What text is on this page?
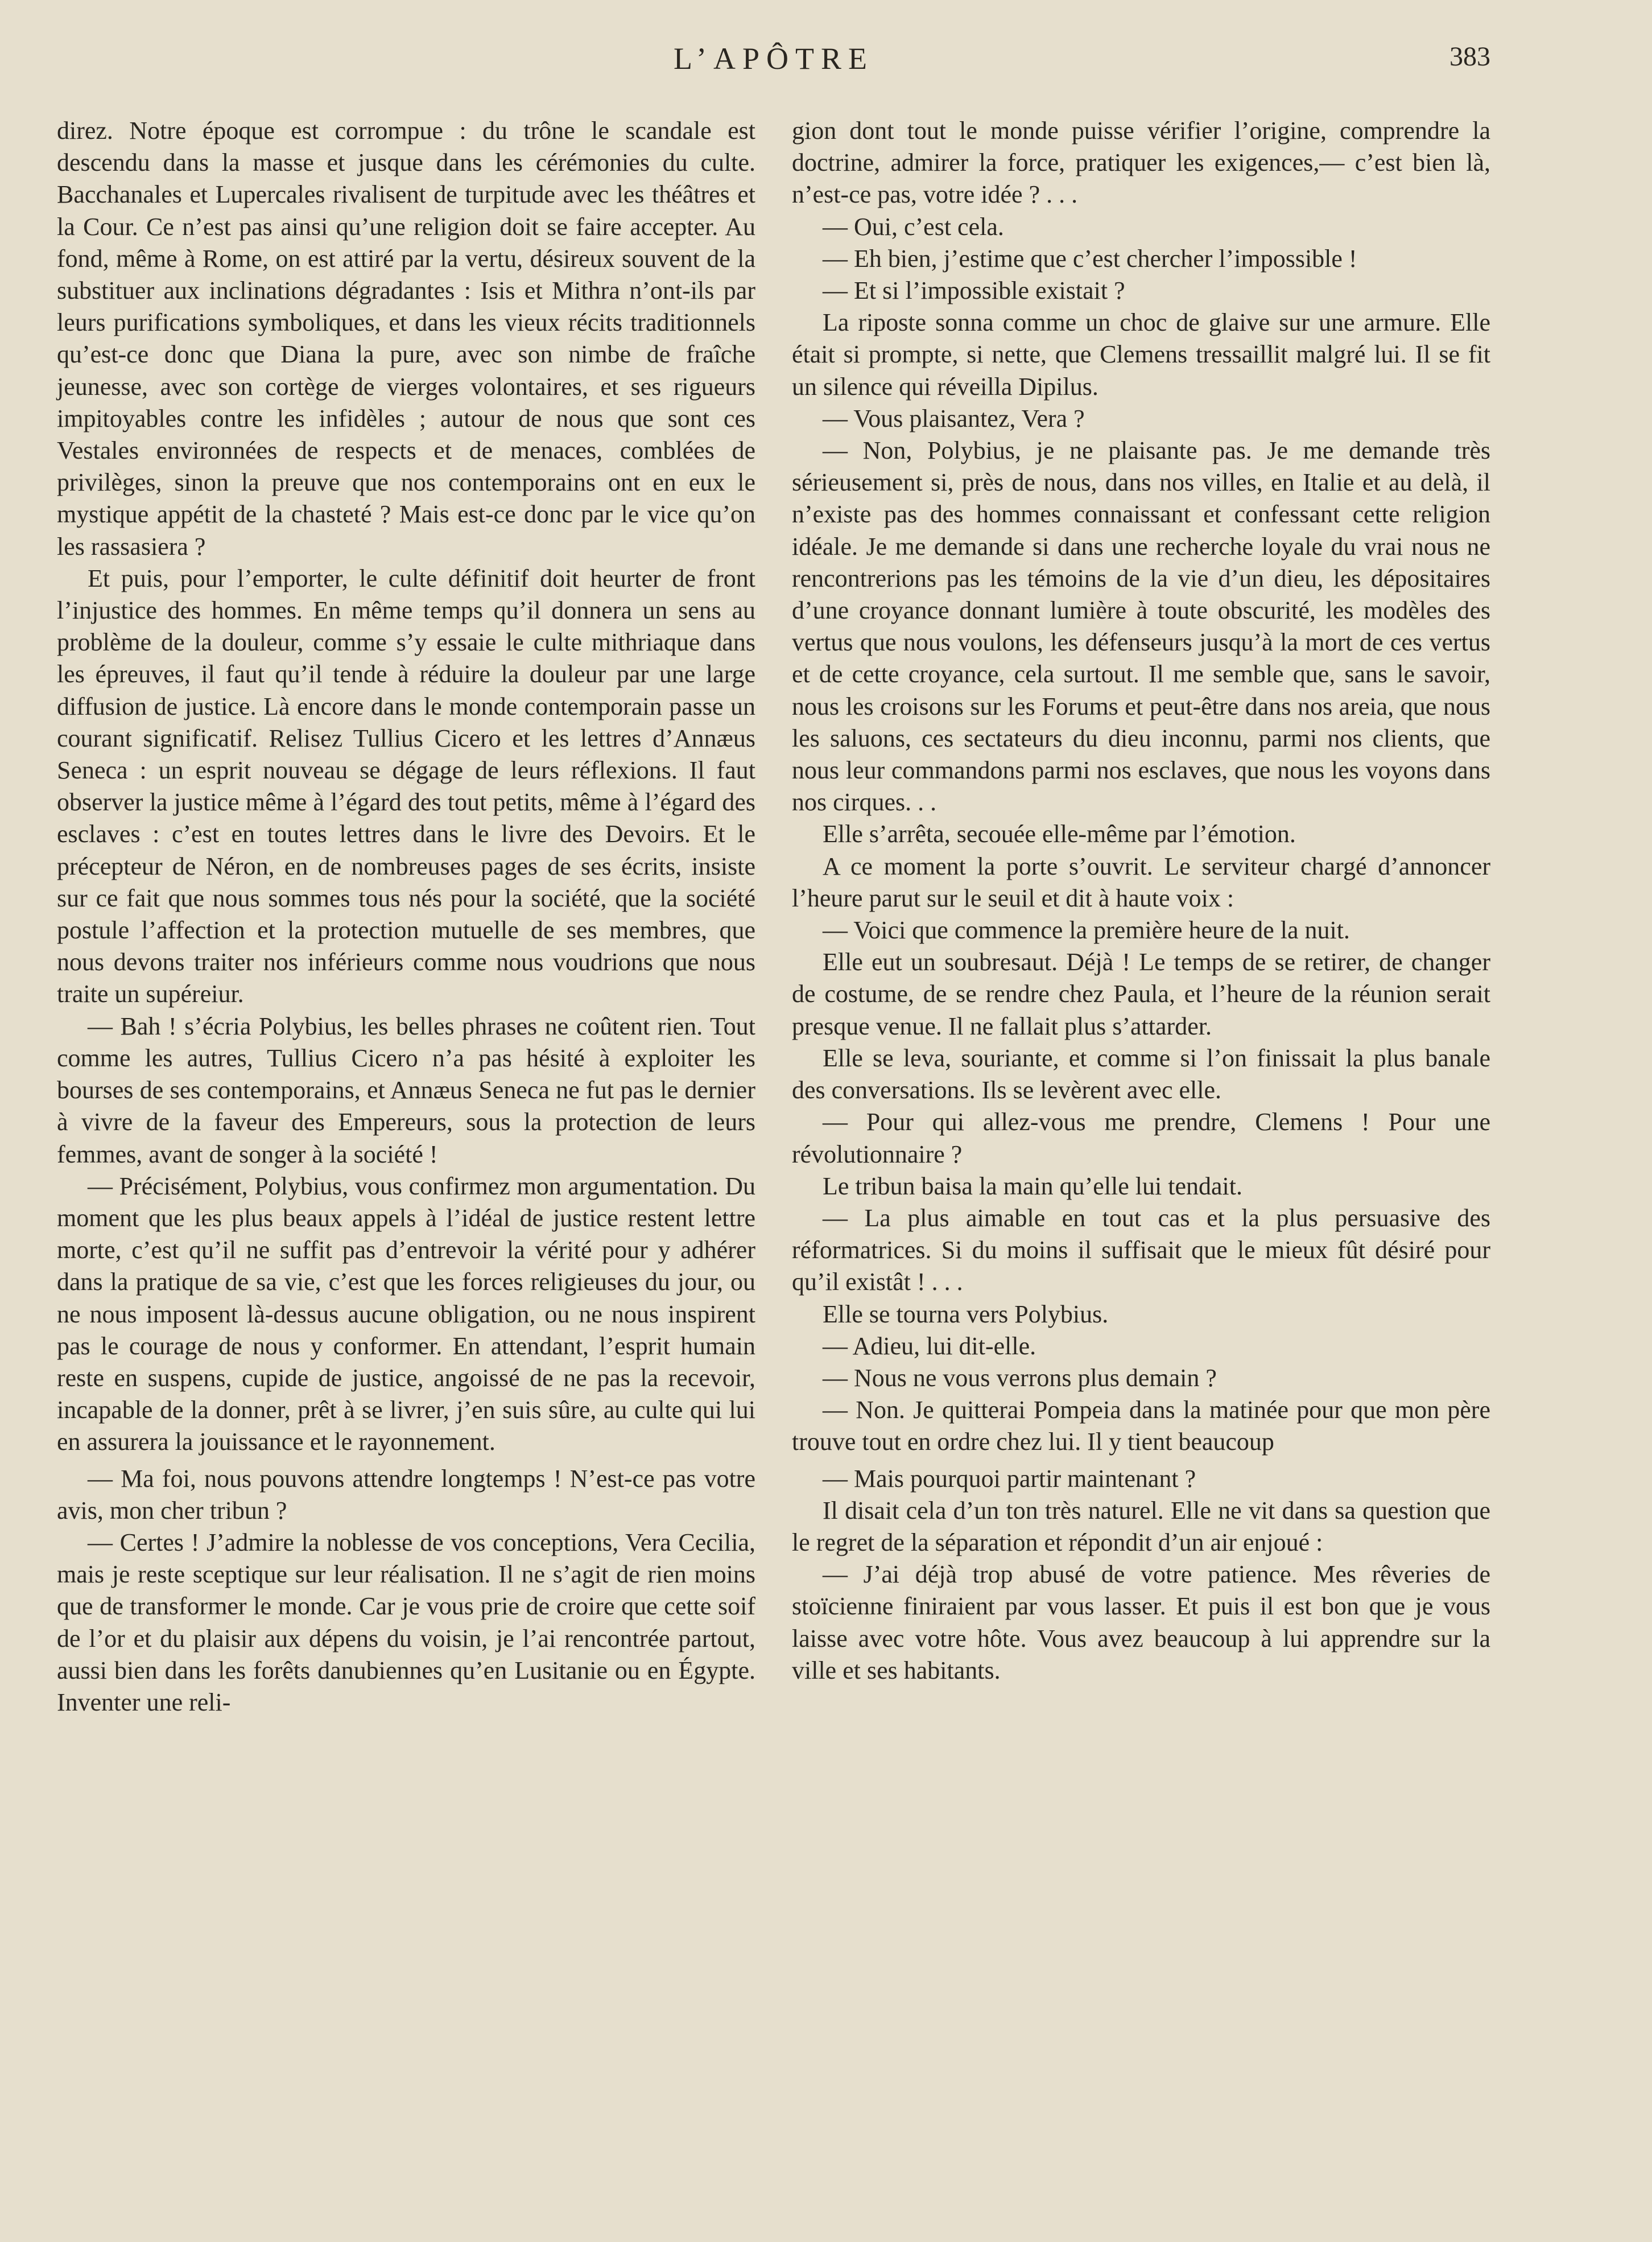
L’APÔTRE	383

direz. Notre époque est corrompue : du trône le scandale est descendu dans la masse et jusque dans les cérémonies du culte. Bacchanales et Lupercales rivalisent de turpitude avec les théâtres et la Cour. Ce n’est pas ainsi qu’une religion doit se faire accepter. Au fond, même à Rome, on est attiré par la vertu, désireux souvent de la substituer aux inclinations dégradantes : Isis et Mithra n’ont-ils par leurs purifications symboliques, et dans les vieux récits traditionnels qu’est-ce donc que Diana la pure, avec son nimbe de fraîche jeunesse, avec son cortège de vierges volontaires, et ses rigueurs impitoyables contre les infidèles ; autour de nous que sont ces Vestales environnées de respects et de menaces, comblées de privilèges, sinon la preuve que nos contemporains ont en eux le mystique appétit de la chasteté ? Mais est-ce donc par le vice qu’on les rassasiera ?

Et puis, pour l’emporter, le culte définitif doit heurter de front l’injustice des hommes. En même temps qu’il donnera un sens au problème de la douleur, comme s’y essaie le culte mithriaque dans les épreuves, il faut qu’il tende à réduire la douleur par une large diffusion de justice. Là encore dans le monde contemporain passe un courant significatif. Relisez Tullius Cicero et les lettres d’Annæus Seneca : un esprit nouveau se dégage de leurs réflexions. Il faut observer la justice même à l’égard des tout petits, même à l’égard des esclaves : c’est en toutes lettres dans le livre des Devoirs. Et le précepteur de Néron, en de nombreuses pages de ses écrits, insiste sur ce fait que nous sommes tous nés pour la société, que la société postule l’affection et la protection mutuelle de ses membres, que nous devons traiter nos inférieurs comme nous voudrions que nous traite un supéreiur.

— Bah ! s’écria Polybius, les belles phrases ne coûtent rien. Tout comme les autres, Tullius Cicero n’a pas hésité à exploiter les bourses de ses contemporains, et Annæus Seneca ne fut pas le dernier à vivre de la faveur des Empereurs, sous la protection de leurs femmes, avant de songer à la société !

— Précisément, Polybius, vous confirmez mon argumentation. Du moment que les plus beaux appels à l’idéal de justice restent lettre morte, c’est qu’il ne suffit pas d’entrevoir la vérité pour y adhérer dans la pratique de sa vie, c’est que les forces religieuses du jour, ou ne nous imposent là-dessus aucune obligation, ou ne nous inspirent pas le courage de nous y conformer. En attendant, l’esprit humain reste en suspens, cupide de justice, angoissé de ne pas la recevoir, incapable de la donner, prêt à se livrer, j’en suis sûre, au culte qui lui en assurera la jouissance et le rayonnement.

— Ma foi, nous pouvons attendre longtemps ! N’est-ce pas votre avis, mon cher tribun ?

— Certes ! J’admire la noblesse de vos conceptions, Vera Cecilia, mais je reste sceptique sur leur réalisation. Il ne s’agit de rien moins que de transformer le monde. Car je vous prie de croire que cette soif de l’or et du plaisir aux dépens du voisin, je l’ai rencontrée partout, aussi bien dans les forêts danubiennes qu’en Lusitanie ou en Égypte. Inventer une reli-

gion dont tout le monde puisse vérifier l’origine, comprendre la doctrine, admirer la force, pratiquer les exigences,— c’est bien là, n’est-ce pas, votre idée ? . . .

— Oui, c’est cela.

— Eh bien, j’estime que c’est chercher l’impossible !

— Et si l’impossible existait ?

La riposte sonna comme un choc de glaive sur une armure. Elle était si prompte, si nette, que Clemens tressaillit malgré lui. Il se fit un silence qui réveilla Dipilus.

— Vous plaisantez, Vera ?

— Non, Polybius, je ne plaisante pas. Je me demande très sérieusement si, près de nous, dans nos villes, en Italie et au delà, il n’existe pas des hommes connaissant et confessant cette religion idéale. Je me demande si dans une recherche loyale du vrai nous ne rencontrerions pas les témoins de la vie d’un dieu, les dépositaires d’une croyance donnant lumière à toute obscurité, les modèles des vertus que nous voulons, les défenseurs jusqu’à la mort de ces vertus et de cette croyance, cela surtout. Il me semble que, sans le savoir, nous les croisons sur les Forums et peut-être dans nos areia, que nous les saluons, ces sectateurs du dieu inconnu, parmi nos clients, que nous leur commandons parmi nos esclaves, que nous les voyons dans nos cirques. . .

Elle s’arrêta, secouée elle-même par l’émotion.

A ce moment la porte s’ouvrit. Le serviteur chargé d’annoncer l’heure parut sur le seuil et dit à haute voix :

— Voici que commence la première heure de la nuit.

Elle eut un soubresaut. Déjà ! Le temps de se retirer, de changer de costume, de se rendre chez Paula, et l’heure de la réunion serait presque venue. Il ne fallait plus s’attarder.

Elle se leva, souriante, et comme si l’on finissait la plus banale des conversations. Ils se levèrent avec elle.

— Pour qui allez-vous me prendre, Clemens ! Pour une révolutionnaire ?

Le tribun baisa la main qu’elle lui tendait.

— La plus aimable en tout cas et la plus persuasive des réformatrices. Si du moins il suffisait que le mieux fût désiré pour qu’il existât ! . . .

Elle se tourna vers Polybius.

— Adieu, lui dit-elle.

— Nous ne vous verrons plus demain ?

— Non. Je quitterai Pompeia dans la matinée pour que mon père trouve tout en ordre chez lui. Il y tient beaucoup

— Mais pourquoi partir maintenant ?

Il disait cela d’un ton très naturel. Elle ne vit dans sa question que le regret de la séparation et répondit d’un air enjoué :

— J’ai déjà trop abusé de votre patience. Mes rêveries de stoïcienne finiraient par vous lasser. Et puis il est bon que je vous laisse avec votre hôte. Vous avez beaucoup à lui apprendre sur la ville et ses habitants.
